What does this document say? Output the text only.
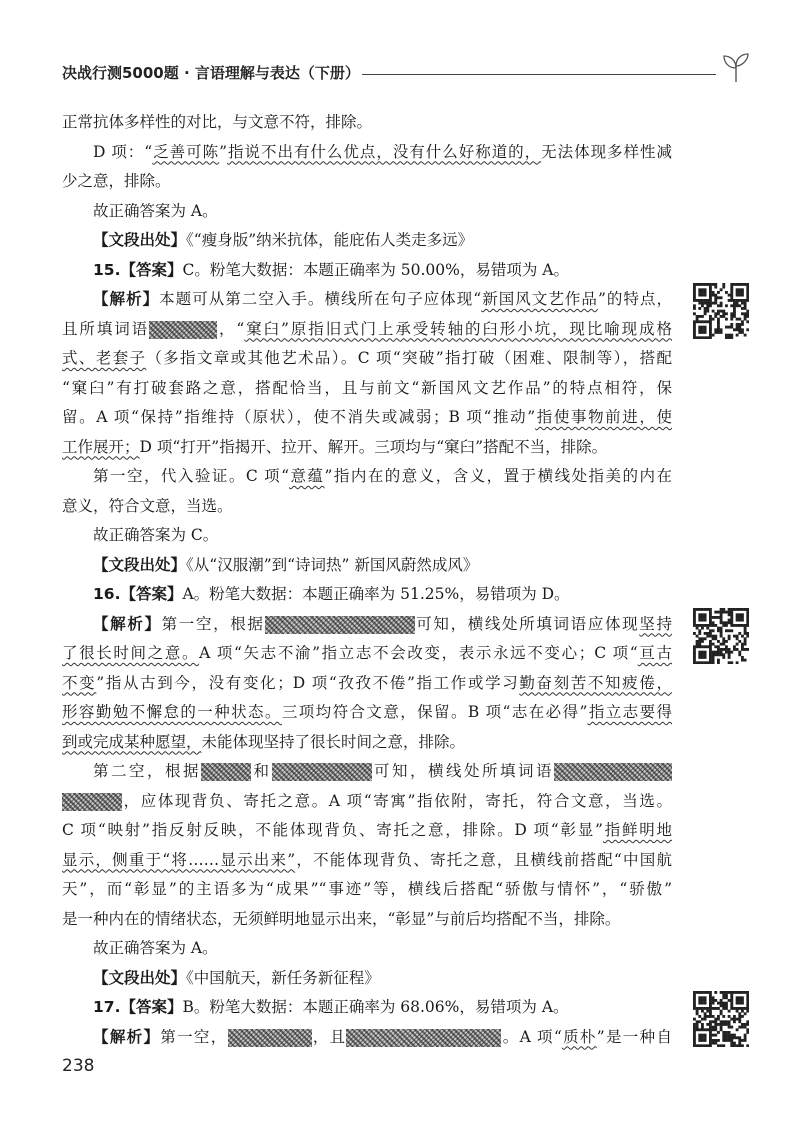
决战行测5000题 · 言语理解与表达（下册）
正常抗体多样性的对比，与文意不符，排除。
D 项：“乏善可陈”指说不出有什么优点，没有什么好称道的，无法体现多样性减
少之意，排除。
故正确答案为 A。
【文段出处】《“瘦身版”纳米抗体，能庇佑人类走多远》
15.【答案】C。粉笔大数据：本题正确率为 50.00%，易错项为 A。
【解析】本题可从第二空入手。横线所在句子应体现“新国风文艺作品”的特点，
且所填词语	，“窠臼”原指旧式门上承受转轴的臼形小坑，现比喻现成格
式、老套子（多指文章或其他艺术品）。C 项“突破”指打破（困难、限制等），搭配
“窠臼”有打破套路之意，搭配恰当，且与前文“新国风文艺作品”的特点相符，保
留。A 项“保持”指维持（原状），使不消失或减弱；B 项“推动”指使事物前进，使
工作展开；D 项“打开”指揭开、拉开、解开。三项均与“窠臼”搭配不当，排除。
第一空，代入验证。C 项“意蕴”指内在的意义，含义，置于横线处指美的内在
意义，符合文意，当选。
故正确答案为 C。
【文段出处】《从“汉服潮”到“诗词热” 新国风蔚然成风》
16.【答案】A。粉笔大数据：本题正确率为 51.25%，易错项为 D。
【解析】第一空，根据	可知，横线处所填词语应体现坚持
了很长时间之意。A 项“矢志不渝”指立志不会改变，表示永远不变心；C 项“亘古
不变”指从古到今，没有变化；D 项“孜孜不倦”指工作或学习勤奋刻苦不知疲倦，
形容勤勉不懈怠的一种状态。三项均符合文意，保留。B 项“志在必得”指立志要得
到或完成某种愿望，未能体现坚持了很长时间之意，排除。
第二空，根据	和	可知，横线处所填词语
，应体现背负、寄托之意。A 项“寄寓”指依附，寄托，符合文意，当选。
C 项“映射”指反射反映，不能体现背负、寄托之意，排除。D 项“彰显”指鲜明地
显示，侧重于“将……显示出来”，不能体现背负、寄托之意，且横线前搭配“中国航
天”，而“彰显”的主语多为“成果”“事迹”等，横线后搭配“骄傲与情怀”，“骄傲”
是一种内在的情绪状态，无须鲜明地显示出来，“彰显”与前后均搭配不当，排除。
故正确答案为 A。
【文段出处】《中国航天，新任务新征程》
17.【答案】B。粉笔大数据：本题正确率为 68.06%，易错项为 A。
【解析】第一空，	，且	。A 项“质朴”是一种自
238
